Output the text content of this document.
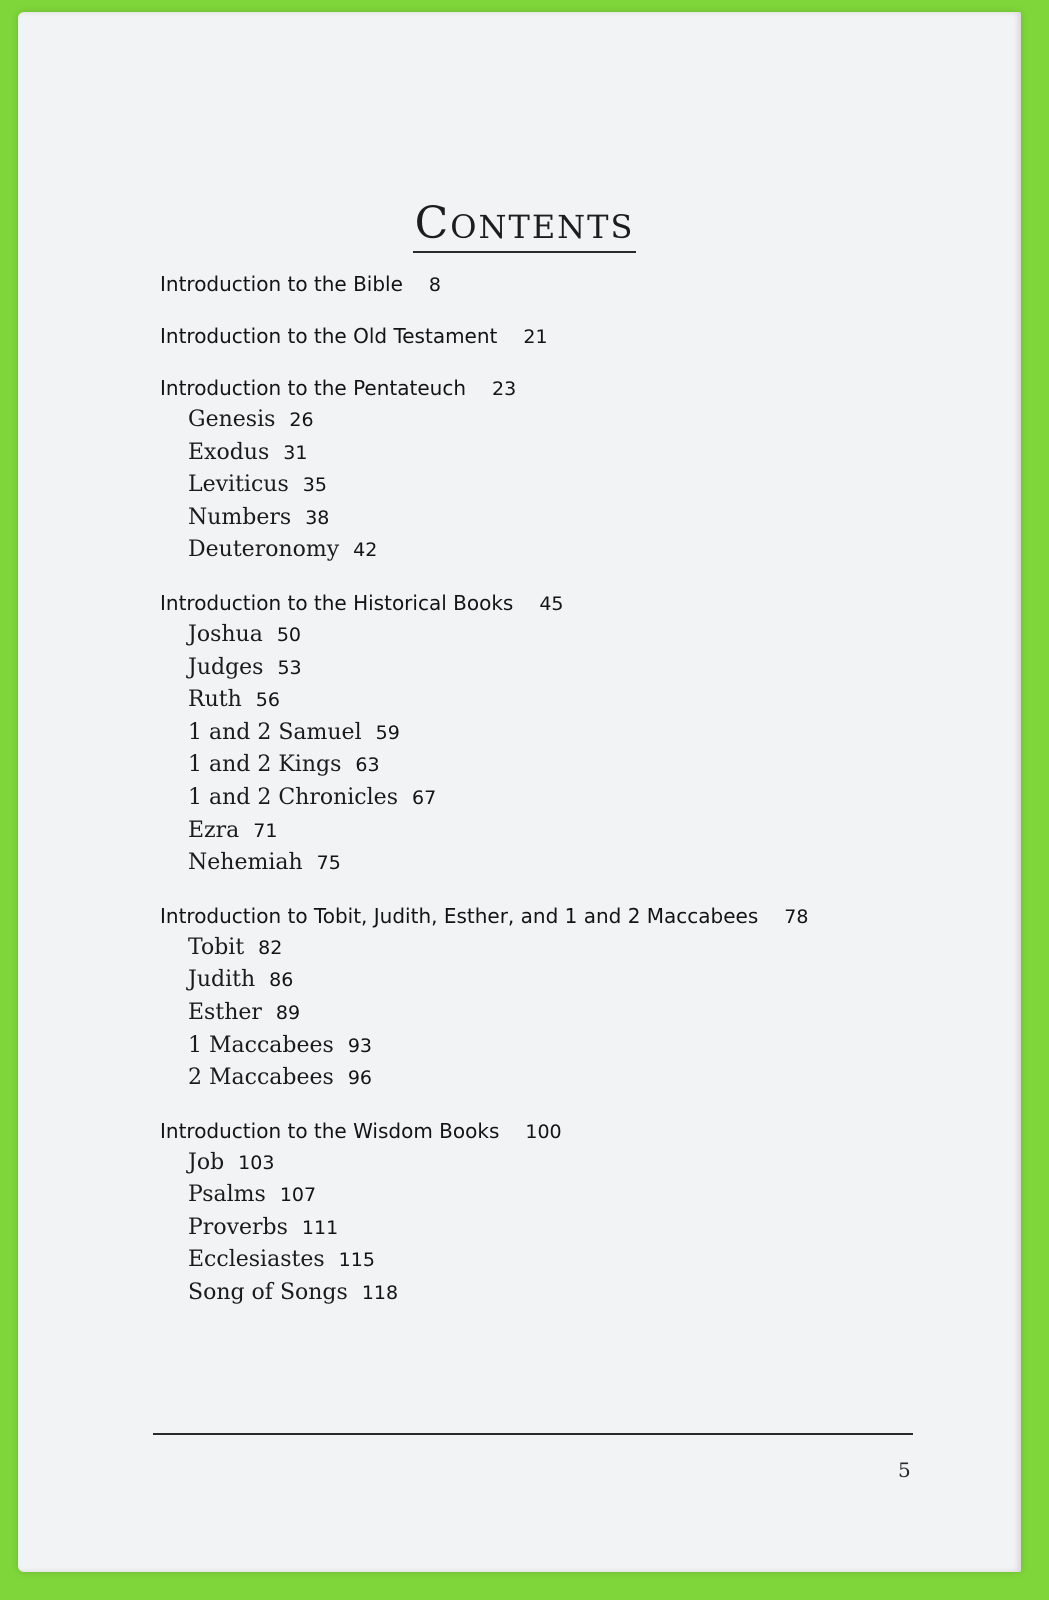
CONTENTS
Introduction to the Bible 8
Introduction to the Old Testament 21
Introduction to the Pentateuch 23
Genesis 26
Exodus 31
Leviticus 35
Numbers 38
Deuteronomy 42
Introduction to the Historical Books 45
Joshua 50
Judges 53
Ruth 56
1 and 2 Samuel 59
1 and 2 Kings 63
1 and 2 Chronicles 67
Ezra 71
Nehemiah 75
Introduction to Tobit, Judith, Esther, and 1 and 2 Maccabees 78
Tobit 82
Judith 86
Esther 89
1 Maccabees 93
2 Maccabees 96
Introduction to the Wisdom Books 100
Job 103
Psalms 107
Proverbs 111
Ecclesiastes 115
Song of Songs 118
5
